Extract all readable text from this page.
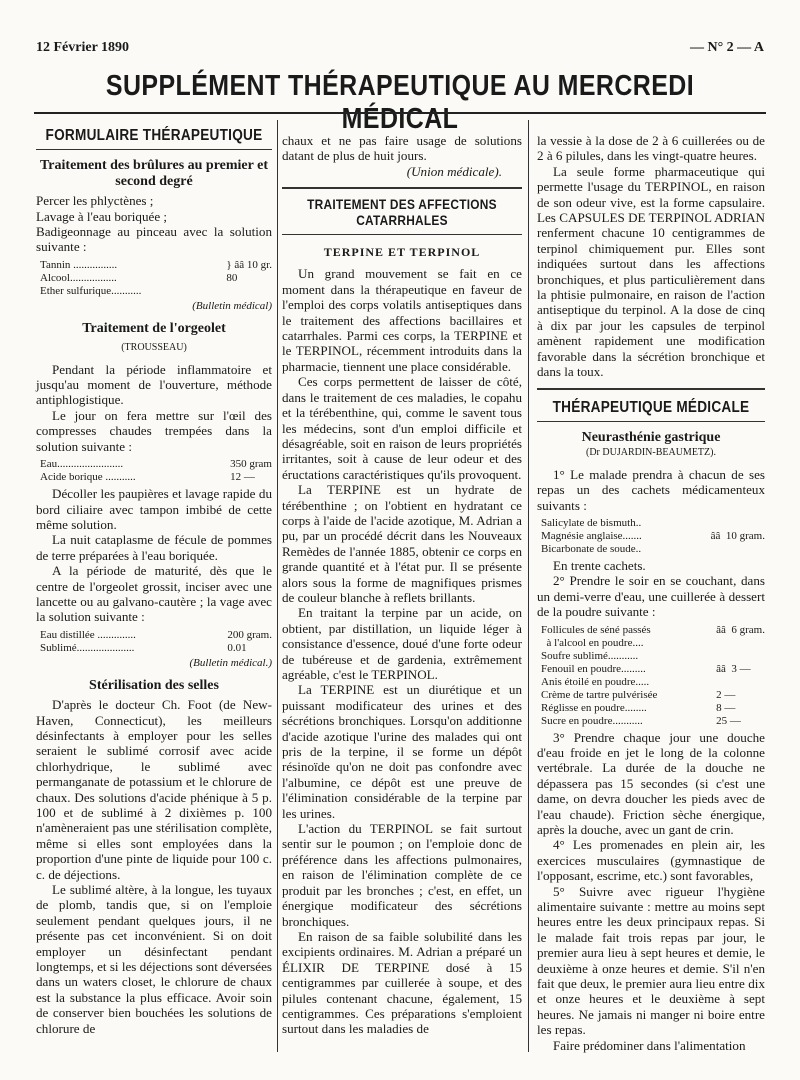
12 Février 1890	— N° 2 — A
SUPPLÉMENT THÉRAPEUTIQUE AU MERCREDI MÉDICAL
FORMULAIRE THÉRAPEUTIQUE
Traitement des brûlures au premier et second degré

Percer les phlyctènes ;

Lavage à l'eau boriquée ;

Badigeonnage au pinceau avec la solution suivante :

Tannin ................
Alcool.................
Ether sulfurique...........
} ââ 10 gr.
80
(Bulletin médical)
Traitement de l'orgeolet
(TROUSSEAU)

Pendant la période inflammatoire et jusqu'au moment de l'ouverture, méthode antiphlogistique.

Le jour on fera mettre sur l'œil des compresses chaudes trempées dans la solution suivante :

Eau........................
Acide borique ...........
350 gram
12 —

Décoller les paupières et lavage rapide du bord ciliaire avec tampon imbibé de cette même solution.

La nuit cataplasme de fécule de pommes de terre préparées à l'eau boriquée.

A la période de maturité, dès que le centre de l'orgeolet grossit, inciser avec une lancette ou au galvano-cautère ; la vage avec la solution suivante :

Eau distillée ..............
Sublimé.....................
200 gram.
0.01
(Bulletin médical.)
Stérilisation des selles

D'après le docteur Ch. Foot (de New-Haven, Connecticut), les meilleurs désinfectants à employer pour les selles seraient le sublimé corrosif avec acide chlorhydrique, le sublimé avec permanganate de potassium et le chlorure de chaux. Des solutions d'acide phénique à 5 p. 100 et de sublimé à 2 dixièmes p. 100 n'amèneraient pas une stérilisation complète, même si elles sont employées dans la proportion d'une pinte de liquide pour 100 c. c. de déjections.

Le sublimé altère, à la longue, les tuyaux de plomb, tandis que, si on l'emploie seulement pendant quelques jours, il ne présente pas cet inconvénient. Si on doit employer un désinfectant pendant longtemps, et si les déjections sont déversées dans un waters closet, le chlorure de chaux est la substance la plus efficace. Avoir soin de conserver bien bouchées les solutions de chlorure de

chaux et ne pas faire usage de solutions datant de plus de huit jours.

(Union médicale).
TRAITEMENT DES AFFECTIONS CATARRHALES
TERPINE ET TERPINOL

Un grand mouvement se fait en ce moment dans la thérapeutique en faveur de l'emploi des corps volatils antiseptiques dans le traitement des affections bacillaires et catarrhales. Parmi ces corps, la TERPINE et le TERPINOL, récemment introduits dans la pharmacie, tiennent une place considérable.

Ces corps permettent de laisser de côté, dans le traitement de ces maladies, le copahu et la térébenthine, qui, comme le savent tous les médecins, sont d'un emploi difficile et désagréable, soit en raison de leurs propriétés irritantes, soit à cause de leur odeur et des éructations caractéristiques qu'ils provoquent.

La TERPINE est un hydrate de térébenthine ; on l'obtient en hydratant ce corps à l'aide de l'acide azotique, M. Adrian a pu, par un procédé décrit dans les Nouveaux Remèdes de l'année 1885, obtenir ce corps en grande quantité et à l'état pur. Il se présente alors sous la forme de magnifiques prismes de couleur blanche à reflets brillants.

En traitant la terpine par un acide, on obtient, par distillation, un liquide léger à consistance d'essence, doué d'une forte odeur de tubéreuse et de gardenia, extrêmement agréable, c'est le TERPINOL.

La TERPINE est un diurétique et un puissant modificateur des urines et des sécrétions bronchiques. Lorsqu'on additionne d'acide azotique l'urine des malades qui ont pris de la terpine, il se forme un dépôt résinoïde qu'on ne doit pas confondre avec l'albumine, ce dépôt est une preuve de l'élimination considérable de la terpine par les urines.

L'action du TERPINOL se fait surtout sentir sur le poumon ; on l'emploie donc de préférence dans les affections pulmonaires, en raison de l'élimination complète de ce produit par les bronches ; c'est, en effet, un énergique modificateur des sécrétions bronchiques.

En raison de sa faible solubilité dans les excipients ordinaires. M. Adrian a préparé un ÉLIXIR DE TERPINE dosé à 15 centigrammes par cuillerée à soupe, et des pilules contenant chacune, également, 15 centigrammes. Ces préparations s'emploient surtout dans les maladies de

la vessie à la dose de 2 à 6 cuillerées ou de 2 à 6 pilules, dans les vingt-quatre heures.

La seule forme pharmaceutique qui permette l'usage du TERPINOL, en raison de son odeur vive, est la forme capsulaire. Les CAPSULES DE TERPINOL ADRIAN renferment chacune 10 centigrammes de terpinol chimiquement pur. Elles sont indiquées surtout dans les affections bronchiques, et plus particulièrement dans la phtisie pulmonaire, en raison de l'action antiseptique du terpinol. A la dose de cinq à dix par jour les capsules de terpinol amènent rapidement une modification favorable dans la sécrétion bronchique et dans la toux.

THÉRAPEUTIQUE MÉDICALE
Neurasthénie gastrique
(Dr DUJARDIN-BEAUMETZ).

1° Le malade prendra à chacun de ses repas un des cachets médicamenteux suivants :

Salicylate de bismuth..
Magnésie anglaise.......
Bicarbonate de soude..
ââ  10 gram.

En trente cachets.

2° Prendre le soir en se couchant, dans un demi-verre d'eau, une cuillerée à dessert de la poudre suivante :

Follicules de séné passés
à l'alcool en poudre....
Soufre sublimé...........
Fenouil en poudre.........
Anis étoilé en poudre.....
Crème de tartre pulvérisée
Réglisse en poudre........
Sucre en poudre...........
ââ  6 gram.

ââ  3 —

2 —
8 —
25 —

3° Prendre chaque jour une douche d'eau froide en jet le long de la colonne vertébrale. La durée de la douche ne dépassera pas 15 secondes (si c'est une dame, on devra doucher les pieds avec de l'eau chaude). Friction sèche énergique, après la douche, avec un gant de crin.

4° Les promenades en plein air, les exercices musculaires (gymnastique de l'opposant, escrime, etc.) sont favorables,

5° Suivre avec rigueur l'hygiène alimentaire suivante : mettre au moins sept heures entre les deux principaux repas. Si le malade fait trois repas par jour, le premier aura lieu à sept heures et demie, le deuxième à onze heures et demie. S'il n'en fait que deux, le premier aura lieu entre dix et onze heures et le deuxième à sept heures. Ne jamais ni manger ni boire entre les repas.

Faire prédominer dans l'alimentation
